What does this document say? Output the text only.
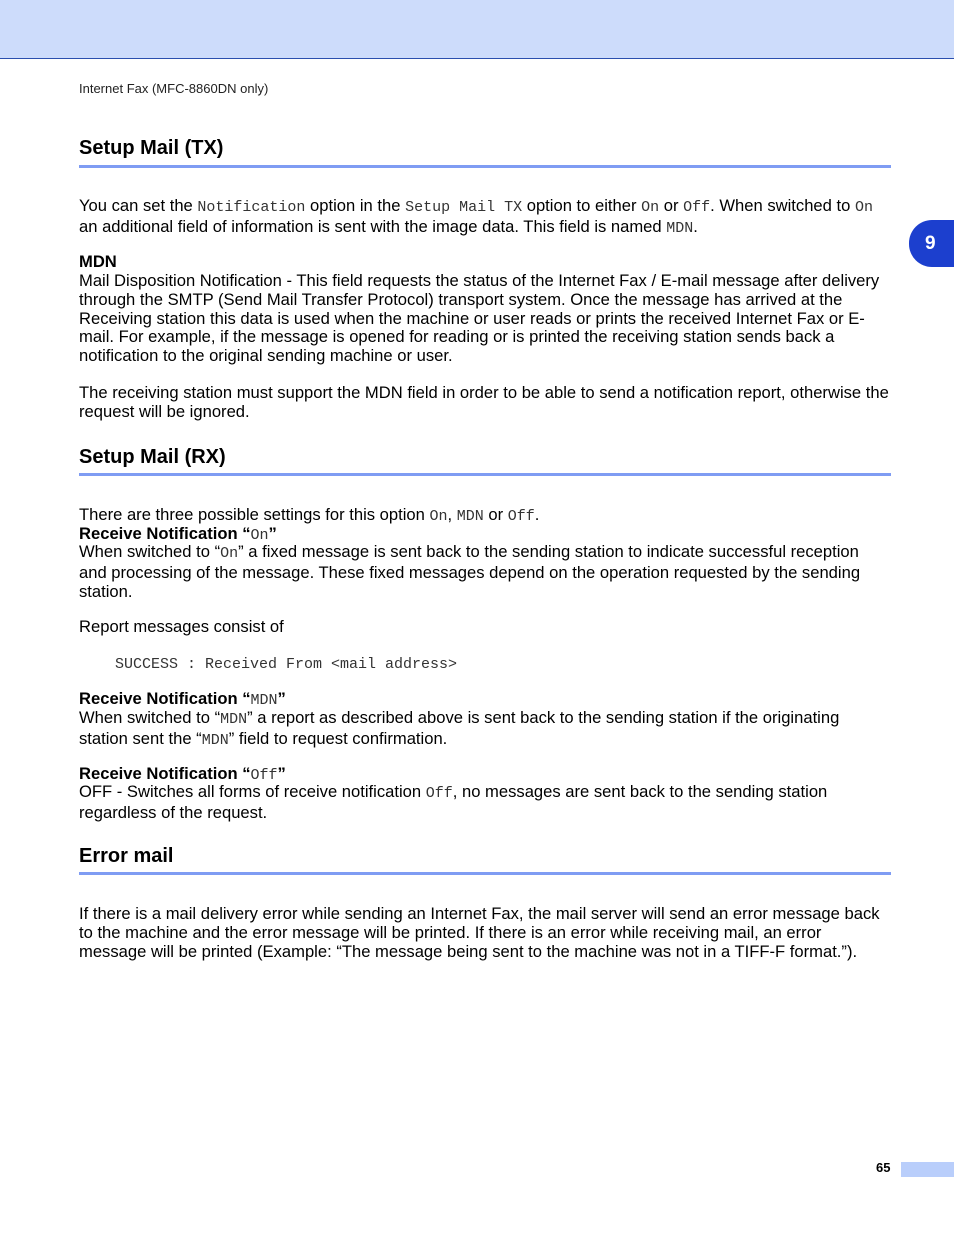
Internet Fax (MFC-8860DN only)
9
Setup Mail (TX)

You can set the Notification option in the Setup Mail TX option to either On or Off. When switched to On an additional field of information is sent with the image data. This field is named MDN.

MDN

Mail Disposition Notification - This field requests the status of the Internet Fax / E-mail message after delivery through the SMTP (Send Mail Transfer Protocol) transport system. Once the message has arrived at the Receiving station this data is used when the machine or user reads or prints the received Internet Fax or E-mail. For example, if the message is opened for reading or is printed the receiving station sends back a notification to the original sending machine or user.

The receiving station must support the MDN field in order to be able to send a notification report, otherwise the request will be ignored.

Setup Mail (RX)

There are three possible settings for this option On, MDN or Off.

Receive Notification “On”

When switched to “On” a fixed message is sent back to the sending station to indicate successful reception and processing of the message. These fixed messages depend on the operation requested by the sending station.

Report messages consist of

SUCCESS : Received From <mail address>

Receive Notification “MDN”

When switched to “MDN” a report as described above is sent back to the sending station if the originating station sent the “MDN” field to request confirmation.

Receive Notification “Off”

OFF - Switches all forms of receive notification Off, no messages are sent back to the sending station regardless of the request.

Error mail

If there is a mail delivery error while sending an Internet Fax, the mail server will send an error message back to the machine and the error message will be printed. If there is an error while receiving mail, an error message will be printed (Example: “The message being sent to the machine was not in a TIFF-F format.”).

65
